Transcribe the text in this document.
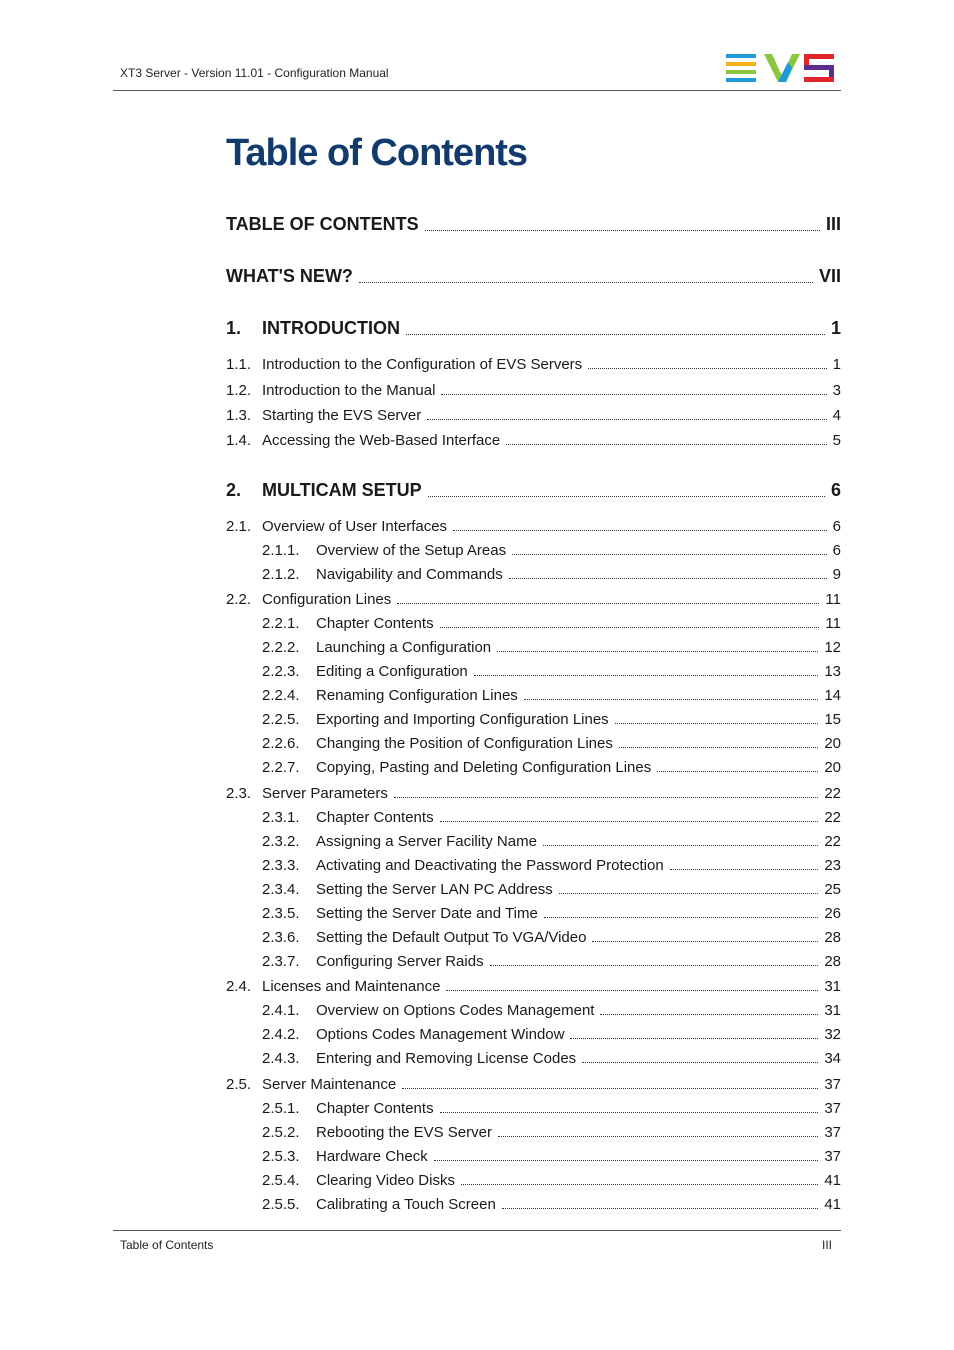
XT3 Server - Version 11.01 - Configuration Manual
Table of Contents
TABLE OF CONTENTS	III
WHAT'S NEW?	VII
1.	INTRODUCTION	1
1.1. Introduction to the Configuration of EVS Servers	1
1.2. Introduction to the Manual	3
1.3. Starting the EVS Server	4
1.4. Accessing the Web-Based Interface	5
2.	MULTICAM SETUP	6
2.1. Overview of User Interfaces	6
2.1.1.	Overview of the Setup Areas	6
2.1.2.	Navigability and Commands	9
2.2. Configuration Lines	11
2.2.1.	Chapter Contents	11
2.2.2.	Launching a Configuration	12
2.2.3.	Editing a Configuration	13
2.2.4.	Renaming Configuration Lines	14
2.2.5.	Exporting and Importing Configuration Lines	15
2.2.6.	Changing the Position of Configuration Lines	20
2.2.7.	Copying, Pasting and Deleting Configuration Lines	20
2.3. Server Parameters	22
2.3.1.	Chapter Contents	22
2.3.2.	Assigning a Server Facility Name	22
2.3.3.	Activating and Deactivating the Password Protection	23
2.3.4.	Setting the Server LAN PC Address	25
2.3.5.	Setting the Server Date and Time	26
2.3.6.	Setting the Default Output To VGA/Video	28
2.3.7.	Configuring Server Raids	28
2.4. Licenses and Maintenance	31
2.4.1.	Overview on Options Codes Management	31
2.4.2.	Options Codes Management Window	32
2.4.3.	Entering and Removing License Codes	34
2.5. Server Maintenance	37
2.5.1.	Chapter Contents	37
2.5.2.	Rebooting the EVS Server	37
2.5.3.	Hardware Check	37
2.5.4.	Clearing Video Disks	41
2.5.5.	Calibrating a Touch Screen	41
Table of Contents	III
